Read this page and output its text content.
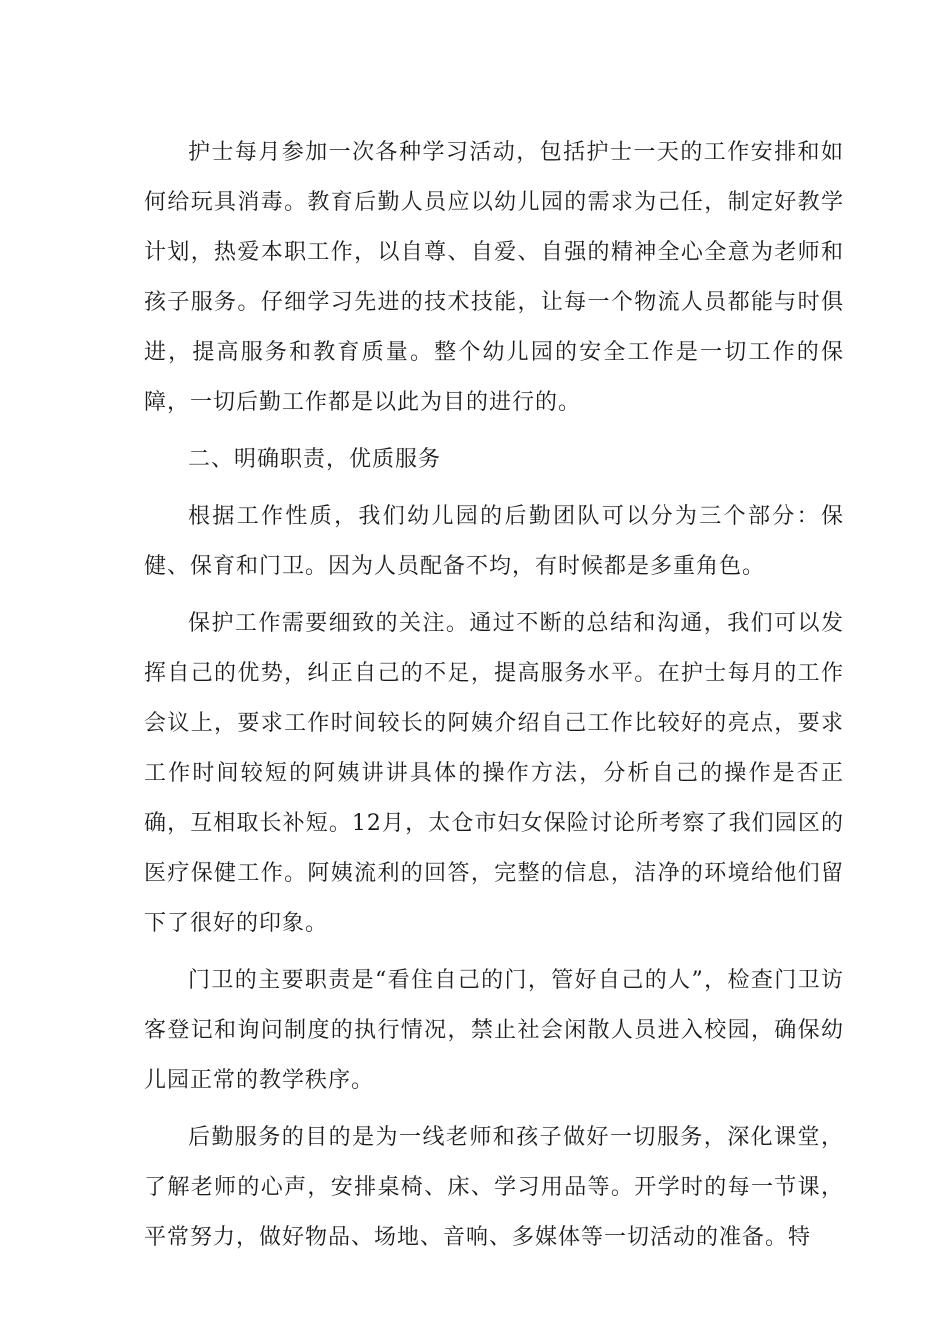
护士每月参加一次各种学习活动，包括护士一天的工作安排和如何给玩具消毒。教育后勤人员应以幼儿园的需求为己任，制定好教学计划，热爱本职工作，以自尊、自爱、自强的精神全心全意为老师和孩子服务。仔细学习先进的技术技能，让每一个物流人员都能与时俱进，提高服务和教育质量。整个幼儿园的安全工作是一切工作的保障，一切后勤工作都是以此为目的进行的。

二、明确职责，优质服务

根据工作性质，我们幼儿园的后勤团队可以分为三个部分：保健、保育和门卫。因为人员配备不均，有时候都是多重角色。

保护工作需要细致的关注。通过不断的总结和沟通，我们可以发挥自己的优势，纠正自己的不足，提高服务水平。在护士每月的工作会议上，要求工作时间较长的阿姨介绍自己工作比较好的亮点，要求工作时间较短的阿姨讲讲具体的操作方法，分析自己的操作是否正确，互相取长补短。12月，太仓市妇女保险讨论所考察了我们园区的医疗保健工作。阿姨流利的回答，完整的信息，洁净的环境给他们留下了很好的印象。

门卫的主要职责是“看住自己的门，管好自己的人”，检查门卫访客登记和询问制度的执行情况，禁止社会闲散人员进入校园，确保幼儿园正常的教学秩序。

后勤服务的目的是为一线老师和孩子做好一切服务，深化课堂，了解老师的心声，安排桌椅、床、学习用品等。开学时的每一节课，平常努力，做好物品、场地、音响、多媒体等一切活动的准备。特
